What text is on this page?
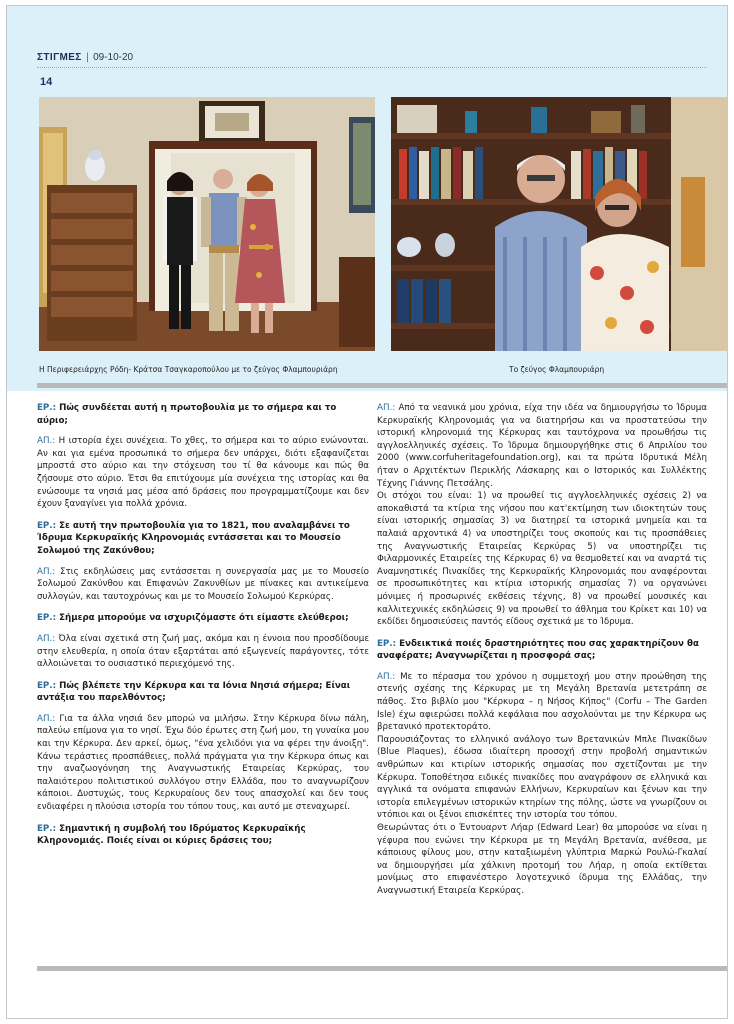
ΣΤΙΓΜΕΣ | 09-10-20
14
Η Περιφερειάρχης Ρόδη- Κράτσα Τσαγκαροπούλου με το ζεύγος Φλαμπουριάρη	Το ζεύγος Φλαμπουριάρη

ΕΡ.: Πώς συνδέεται αυτή η πρωτοβουλία με το σήμερα και το αύριο;

ΑΠ.: Η ιστορία έχει συνέχεια. Το χθες, το σήμερα και το αύριο ενώνονται. Αν και για εμένα προσωπικά το σήμερα δεν υπάρχει, διότι εξαφανίζεται μπροστά στο αύριο και την στόχευση του τί θα κάνουμε και πώς θα ζήσουμε στο αύριο. Έτσι θα επιτύχουμε μία συνέχεια της ιστορίας και θα ενώσουμε τα νησιά μας μέσα από δράσεις που προγραμματίζουμε και δεν έχουν ξαναγίνει για πολλά χρόνια.

ΕΡ.: Σε αυτή την πρωτοβουλία για το 1821, που αναλαμβάνει το Ίδρυμα Κερκυραϊκής Κληρονομιάς εντάσσεται και το Μουσείο Σολωμού της Ζακύνθου;

ΑΠ.: Στις εκδηλώσεις μας εντάσσεται η συνεργασία μας με το Μουσείο Σολωμού Ζακύνθου και Επιφανών Ζακυνθίων με πίνακες και αντικείμενα συλλογών, και ταυτοχρόνως και με το Μουσείο Σολωμού Κερκύρας.

ΕΡ.: Σήμερα μπορούμε να ισχυριζόμαστε ότι είμαστε ελεύθεροι;

ΑΠ.: Όλα είναι σχετικά στη ζωή μας, ακόμα και η έννοια που προσδίδουμε στην ελευθερία, η οποία όταν εξαρτάται από εξωγενείς παράγοντες, τότε αλλοιώνεται το ουσιαστικό περιεχόμενό της.

ΕΡ.: Πώς βλέπετε την Κέρκυρα και τα Ιόνια Νησιά σήμερα; Είναι αντάξια του παρελθόντος;

ΑΠ.: Για τα άλλα νησιά δεν μπορώ να μιλήσω. Στην Κέρκυρα δίνω πάλη, παλεύω επίμονα για το νησί. Έχω δύο έρωτες στη ζωή μου, τη γυναίκα μου και την Κέρκυρα. Δεν αρκεί, όμως, "ένα χελιδόνι για να φέρει την άνοιξη". Κάνω τεράστιες προσπάθειες, πολλά πράγματα για την Κέρκυρα όπως και την αναζωογόνηση της Αναγνωστικής Εταιρείας Κερκύρας, του παλαιότερου πολιτιστικού συλλόγου στην Ελλάδα, που το αναγνωρίζουν κάποιοι. Δυστυχώς, τους Κερκυραίους δεν τους απασχολεί και δεν τους ενδιαφέρει η πλούσια ιστορία του τόπου τους, και αυτό με στεναχωρεί.

ΕΡ.: Σημαντική η συμβολή του Ιδρύματος Κερκυραϊκής Κληρονομιάς. Ποιές είναι οι κύριες δράσεις του;

ΑΠ.: Από τα νεανικά μου χρόνια, είχα την ιδέα να δημιουργήσω το Ίδρυμα Κερκυραϊκής Κληρονομιάς για να διατηρήσω και να προστατεύσω την ιστορική κληρονομιά της Κέρκυρας και ταυτόχρονα να προωθήσω τις αγγλοελληνικές σχέσεις. Το Ίδρυμα δημιουργήθηκε στις 6 Απριλίου του 2000 (www.corfuheritagefoundation.org), και τα πρώτα Ιδρυτικά Μέλη ήταν ο Αρχιτέκτων Περικλής Λάσκαρης και ο Ιστορικός και Συλλέκτης Τέχνης Γιάννης Πετσάλης.
Οι στόχοι του είναι: 1) να προωθεί τις αγγλοελληνικές σχέσεις 2) να αποκαθιστά τα κτίρια της νήσου που κατ'εκτίμηση των ιδιοκτητών τους είναι ιστορικής σημασίας 3) να διατηρεί τα ιστορικά μνημεία και τα παλαιά αρχοντικά 4) να υποστηρίζει τους σκοπούς και τις προσπάθειες της Αναγνωστικής Εταιρείας Κερκύρας 5) να υποστηρίζει τις Φιλαρμονικές Εταιρείες της Κέρκυρας 6) να θεσμοθετεί και να αναρτά τις Αναμνηστικές Πινακίδες της Κερκυραϊκής Κληρονομιάς που αναφέρονται σε προσωπικότητες και κτίρια ιστορικής σημασίας 7) να οργανώνει μόνιμες ή προσωρινές εκθέσεις τέχνης, 8) να προωθεί μουσικές και καλλιτεχνικές εκδηλώσεις 9) να προωθεί το άθλημα του Κρίκετ και 10) να εκδίδει δημοσιεύσεις παντός είδους σχετικά με το Ίδρυμα.

ΕΡ.: Ενδεικτικά ποιές δραστηριότητες που σας χαρακτηρίζουν θα αναφέρατε; Αναγνωρίζεται η προσφορά σας;

ΑΠ.: Με το πέρασμα του χρόνου η συμμετοχή μου στην προώθηση της στενής σχέσης της Κέρκυρας με τη Μεγάλη Βρετανία μετετράπη σε πάθος. Στο βιβλίο μου "Κέρκυρα – η Νήσος Κήπος" (Corfu – The Garden Isle) έχω αφιερώσει πολλά κεφάλαια που ασχολούνται με την Κέρκυρα ως βρετανικό προτεκτοράτο.
Παρουσιάζοντας το ελληνικό ανάλογο των Βρετανικών Μπλε Πινακίδων (Blue Plaques), έδωσα ιδιαίτερη προσοχή στην προβολή σημαντικών ανθρώπων και κτιρίων ιστορικής σημασίας που σχετίζονται με την Κέρκυρα. Τοποθέτησα ειδικές πινακίδες που αναγράφουν σε ελληνικά και αγγλικά τα ονόματα επιφανών Ελλήνων, Κερκυραίων και ξένων και την ιστορία επιλεγμένων ιστορικών κτηρίων της πόλης, ώστε να γνωρίζουν οι ντόπιοι και οι ξένοι επισκέπτες την ιστορία του τόπου.
Θεωρώντας ότι ο Έντουαρντ Λήαρ (Edward Lear) θα μπορούσε να είναι η γέφυρα που ενώνει την Κέρκυρα με τη Μεγάλη Βρετανία, ανέθεσα, με κάποιους φίλους μου, στην καταξιωμένη γλύπτρια Μαρκώ Ρουλώ-Γκαλαί να δημιουργήσει μία χάλκινη προτομή του Λήαρ, η οποία εκτίθεται μονίμως στο επιφανέστερο λογοτεχνικό ίδρυμα της Ελλάδας, την Αναγνωστική Εταιρεία Κερκύρας.
